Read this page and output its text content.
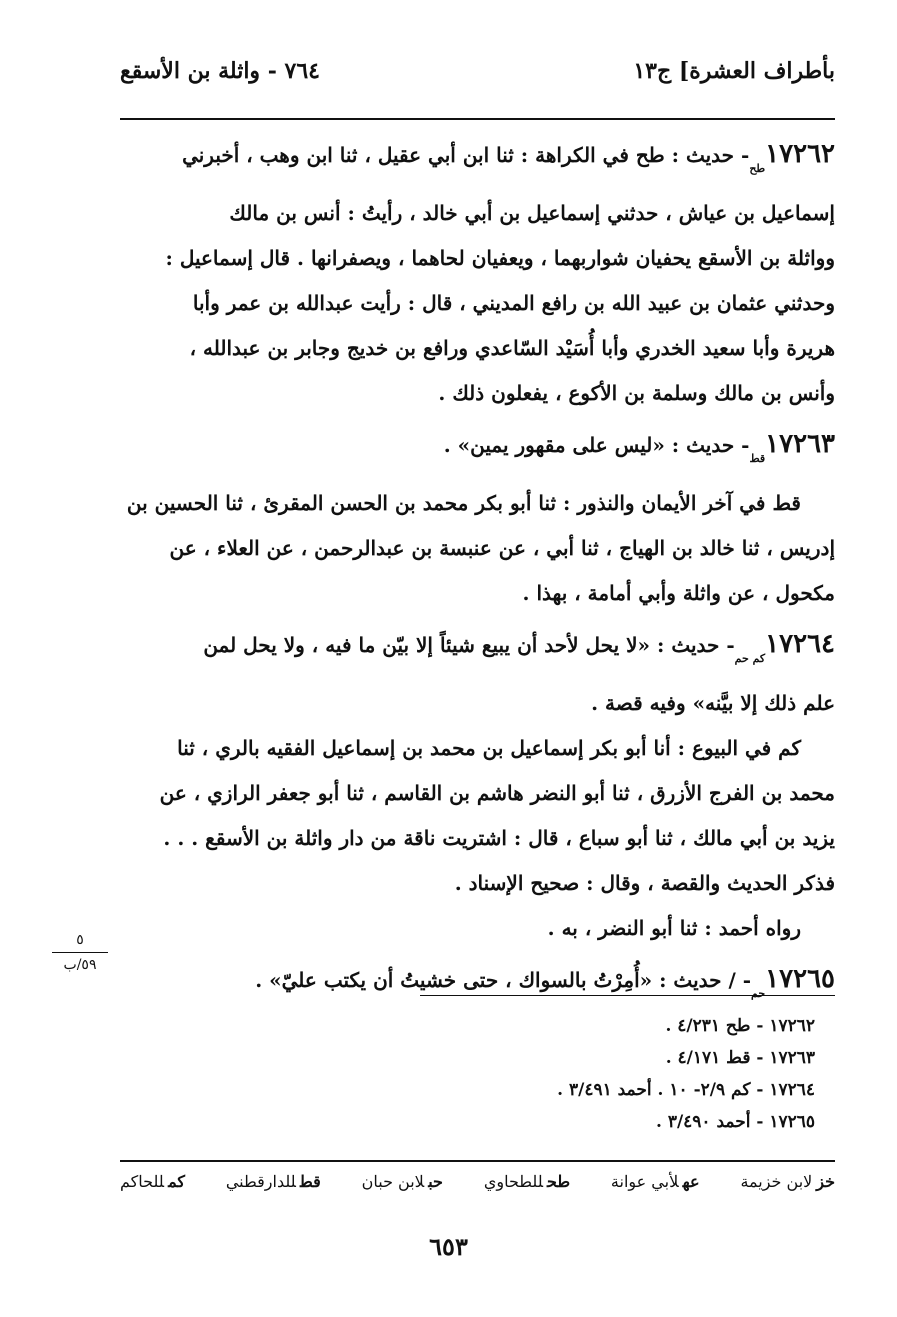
بأطراف العشرة] ج١٣
٧٦٤ - واثلة بن الأسقع
$١٧٢٦٢_{طح}-$ حديث : طح في الكراهة : ثنا ابن أبي عقيل ، ثنا ابن وهب ، أخبرني
إسماعيل بن عياش ، حدثني إسماعيل بن أبي خالد ، رأيتُ : أنس بن مالك
وواثلة بن الأسقع يحفيان شواربهما ، ويعفيان لحاهما ، ويصفرانها . قال إسماعيل :
وحدثني عثمان بن عبيد الله بن رافع المديني ، قال : رأيت عبدالله بن عمر وأبا
هريرة وأبا سعيد الخدري وأبا أُسَيْد السّاعدي ورافع بن خديج وجابر بن عبدالله ،
وأنس بن مالك وسلمة بن الأكوع ، يفعلون ذلك .
$١٧٢٦٣_{قط}-$ حديث : «ليس على مقهور يمين» .
قط في آخر الأيمان والنذور : ثنا أبو بكر محمد بن الحسن المقرئ ، ثنا الحسين بن
إدريس ، ثنا خالد بن الهياج ، ثنا أبي ، عن عنبسة بن عبدالرحمن ، عن العلاء ، عن
مكحول ، عن واثلة وأبي أمامة ، بهذا .
$١٧٢٦٤_{كم حم}-$ حديث : «لا يحل لأحد أن يبيع شيئاً إلا بيّن ما فيه ، ولا يحل لمن
علم ذلك إلا بيَّنه» وفيه قصة .
كم في البيوع : أنا أبو بكر إسماعيل بن محمد بن إسماعيل الفقيه بالري ، ثنا
محمد بن الفرج الأزرق ، ثنا أبو النضر هاشم بن القاسم ، ثنا أبو جعفر الرازي ، عن
يزيد بن أبي مالك ، ثنا أبو سباع ، قال : اشتريت ناقة من دار واثلة بن الأسقع . . .
فذكر الحديث والقصة ، وقال : صحيح الإسناد .
رواه أحمد : ثنا أبو النضر ، به .
$١٧٢٦٥_{حم}-$ / حديث : «أُمِرْتُ بالسواك ، حتى خشيتُ أن يكتب عليّ» .
٥
٥٩/ب
١٧٢٦٢ - طح ٤/٢٣١ .
١٧٢٦٣ - قط ٤/١٧١ .
١٧٢٦٤ - كم ٢/٩- ١٠ . أحمد ٣/٤٩١ .
١٧٢٦٥ - أحمد ٣/٤٩٠ .
خزلابن خزيمة
عهلأبي عوانة
طحللطحاوي
حبلابن حبان
قطللدارقطني
كمللحاكم
٦٥٣
